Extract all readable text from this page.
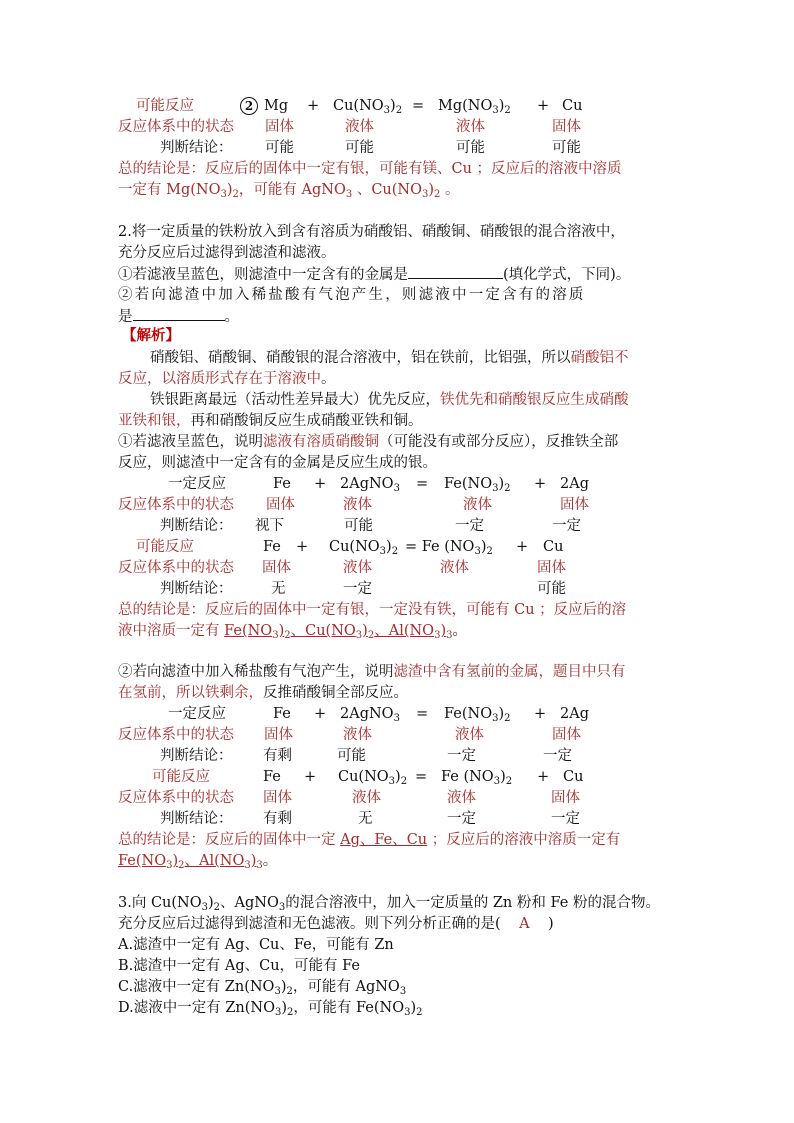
可能反应	2 $Mg + Cu(NO_3)_2 = Mg(NO_3)_2 + Cu$
反应体系中的状态 固体	液体	液体	固体
判断结论： 可能	可能	可能	可能
总的结论是：反应后的固体中一定有银，可能有镁、Cu ；反应后的溶液中溶质
一定有 $Mg(NO_3)_2$，可能有 AgNO$_3$ 、$Cu(NO_3)_2$ 。
2.将一定质量的铁粉放入到含有溶质为硝酸铝、硝酸铜、硝酸银的混合溶液中，
充分反应后过滤得到滤渣和滤液。
①若滤液呈蓝色，则滤渣中一定含有的金属是	(填化学式，下同)。
②若向滤渣中加入稀盐酸有气泡产生，则滤液中一定含有的溶质
是	。
【解析】
硝酸铝、硝酸铜、硝酸银的混合溶液中，铝在铁前，比铝强，所以硝酸铝不
反应，以溶质形式存在于溶液中。
铁银距离最远（活动性差异最大）优先反应，铁优先和硝酸银反应生成硝酸
亚铁和银，再和硝酸铜反应生成硝酸亚铁和铜。
①若滤液呈蓝色，说明滤液有溶质硝酸铜（可能没有或部分反应），反推铁全部
反应，则滤渣中一定含有的金属是反应生成的银。
一定反应	Fe + 2AgNO$_3$ = $Fe(NO_3)_2 + 2Ag$
反应体系中的状态 固体	液体	液体	固体
判断结论： 视下	可能	一定	一定
可能反应	$Fe + Cu(NO_3)_2 = Fe$ $(NO_3)_2 + Cu$
反应体系中的状态 固体	液体	液体	固体
判断结论：	无	一定	可能
总的结论是：反应后的固体中一定有银，一定没有铁，可能有 Cu ；反应后的溶
液中溶质一定有 $Fe(NO_3)_2$、$Cu(NO_3)_2$、$Al(NO_3)_3$。
②若向滤渣中加入稀盐酸有气泡产生，说明滤渣中含有氢前的金属，题目中只有
在氢前，所以铁剩余，反推硝酸铜全部反应。
一定反应	Fe + 2AgNO$_3$ = $Fe(NO_3)_2 + 2Ag$
反应体系中的状态 固体	液体	液体	固体
判断结论： 有剩	可能	一定	一定
可能反应	$Fe + Cu(NO_3)_2 = Fe$ $(NO_3)_2 + Cu$
反应体系中的状态 固体	液体	液体	固体
判断结论： 有剩	无	一定	一定
总的结论是：反应后的固体中一定 Ag、Fe、Cu ；反应后的溶液中溶质一定有
$Fe(NO_3)_2$、$Al(NO_3)_3$。
3.向 $Cu(NO_3)_2$、AgNO$_3$的混合溶液中，加入一定质量的 Zn 粉和 Fe 粉的混合物。
充分反应后过滤得到滤渣和无色滤液。则下列分析正确的是( A )
A.滤渣中一定有 Ag、Cu、Fe，可能有 Zn
B.滤渣中一定有 Ag、Cu，可能有 Fe
C.滤液中一定有 $Zn(NO_3)_2$，可能有 AgNO$_3$
D.滤液中一定有 $Zn(NO_3)_2$，可能有 $Fe(NO_3)_2$
